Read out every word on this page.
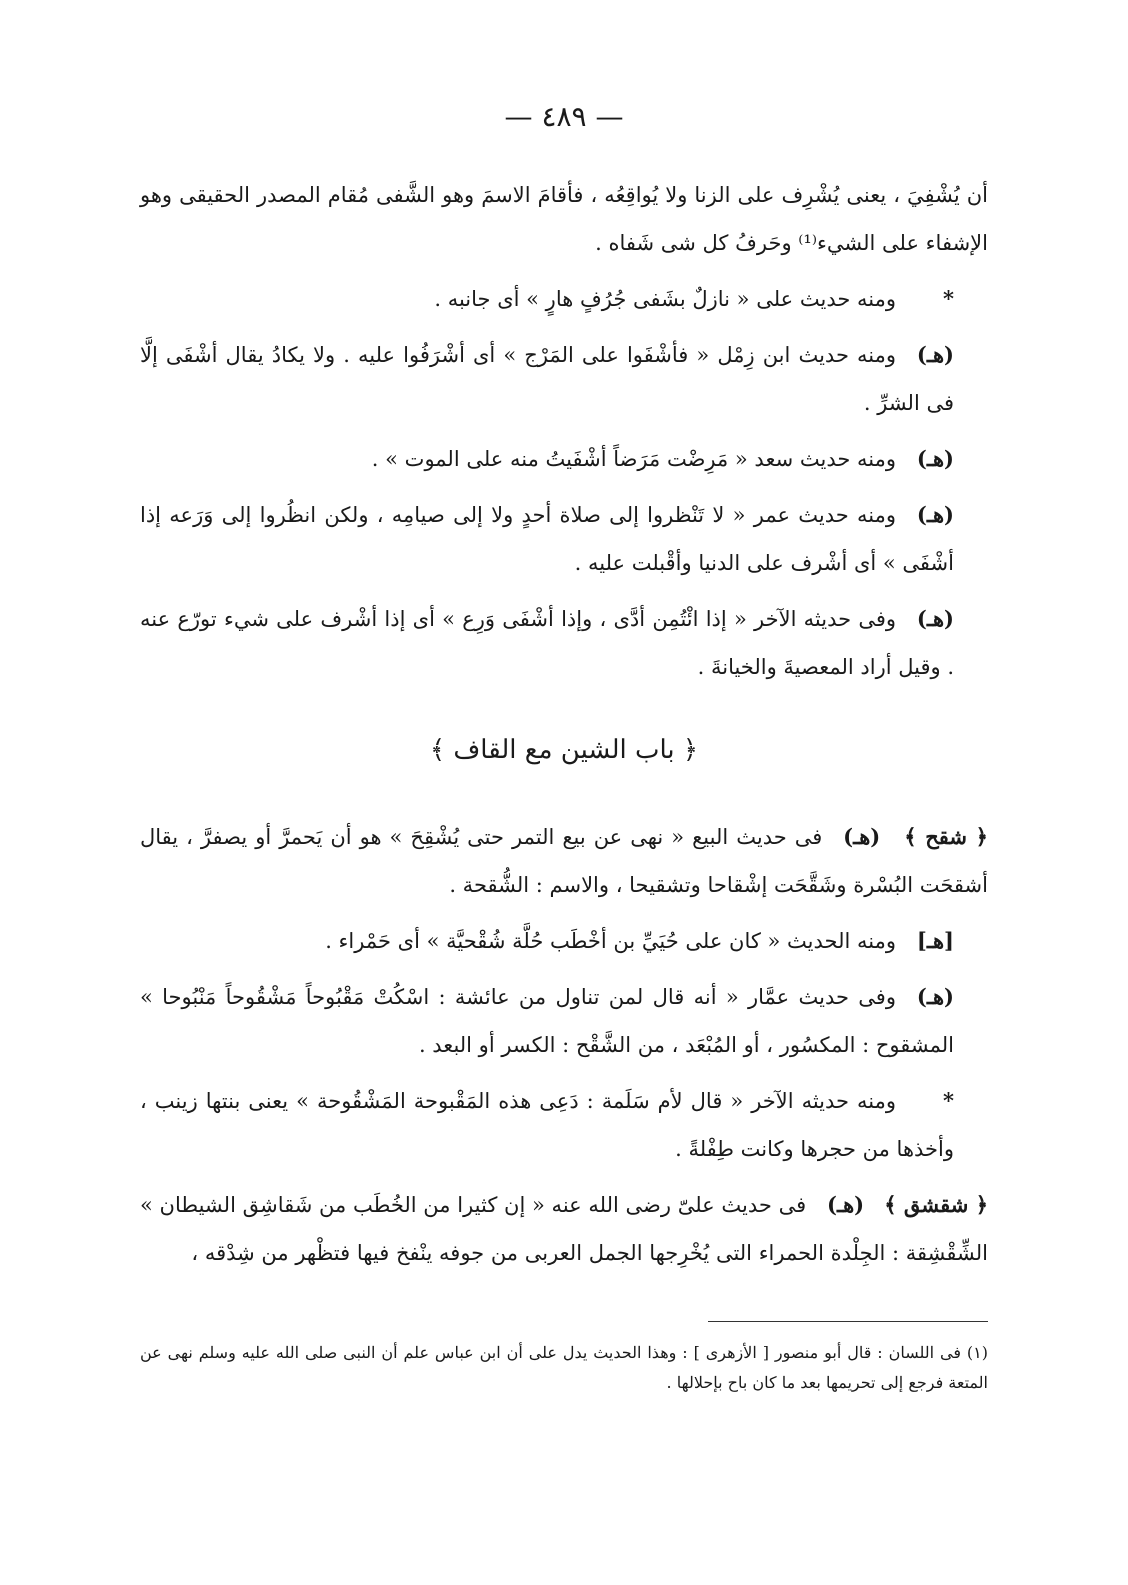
— ٤٨٩ —

أن يُشْفِيَ ، يعنى يُشْرِف على الزنا ولا يُواقِعُه ، فأقامَ الاسمَ وهو الشَّفى مُقام المصدر الحقيقى وهو الإشفاء على الشيء⁽¹⁾ وحَرفُ كل شى شَفاه .

*ومنه حديث على « نازلٌ بشَفى جُرُفٍ هارٍ » أى جانبه .

(هـ)ومنه حديث ابن زِمْل « فأشْفَوا على المَرْج » أى أشْرَفُوا عليه . ولا يكادُ يقال أشْفَى إلَّا فى الشرِّ .

(هـ)ومنه حديث سعد « مَرِضْت مَرَضاً أشْفَيتُ منه على الموت » .

(هـ)ومنه حديث عمر « لا تَنْظروا إلى صلاة أحدٍ ولا إلى صيامِه ، ولكن انظُروا إلى وَرَعه إذا أشْفَى » أى أشْرف على الدنيا وأقْبلت عليه .

(هـ)وفى حديثه الآخر « إذا ائْتُمِن أدَّى ، وإذا أشْفَى وَرِع » أى إذا أشْرف على شيء تورّع عنه . وقيل أراد المعصيةَ والخيانةَ .

﴿ باب الشين مع القاف ﴾

﴿ شقح ﴾   (هـ)فى حديث البيع « نهى عن بيع التمر حتى يُشْقِحَ » هو أن يَحمرَّ أو يصفرَّ ، يقال أشقحَت البُسْرة وشَقَّحَت إشْقاحا وتشقيحا ، والاسم : الشُّقحة .

[هـ]ومنه الحديث « كان على حُيَيِّ بن أخْطَب حُلَّة شُقْحيَّة » أى حَمْراء .

(هـ)وفى حديث عمَّار « أنه قال لمن تناول من عائشة : اسْكُتْ مَقْبُوحاً مَشْقُوحاً مَنْبُوحا » المشقوح : المكسُور ، أو المُبْعَد ، من الشَّقْح : الكسر أو البعد .

*ومنه حديثه الآخر « قال لأم سَلَمة : دَعِى هذه المَقْبوحة المَشْقُوحة » يعنى بنتها زينب ، وأخذها من حجرها وكانت طِفْلةً .

﴿ شقشق ﴾   (هـ)فى حديث علىّ رضى الله عنه « إن كثيرا من الخُطَب من شَقاشِق الشيطان » الشِّقْشِقة : الجِلْدة الحمراء التى يُخْرِجها الجمل العربى من جوفه ينْفخ فيها فتظْهر من شِدْقه ،

(١) فى اللسان : قال أبو منصور [ الأزهرى ] : وهذا الحديث يدل على أن ابن عباس علم أن النبى صلى الله عليه وسلم نهى عن المتعة فرجع إلى تحريمها بعد ما كان باح بإحلالها .
